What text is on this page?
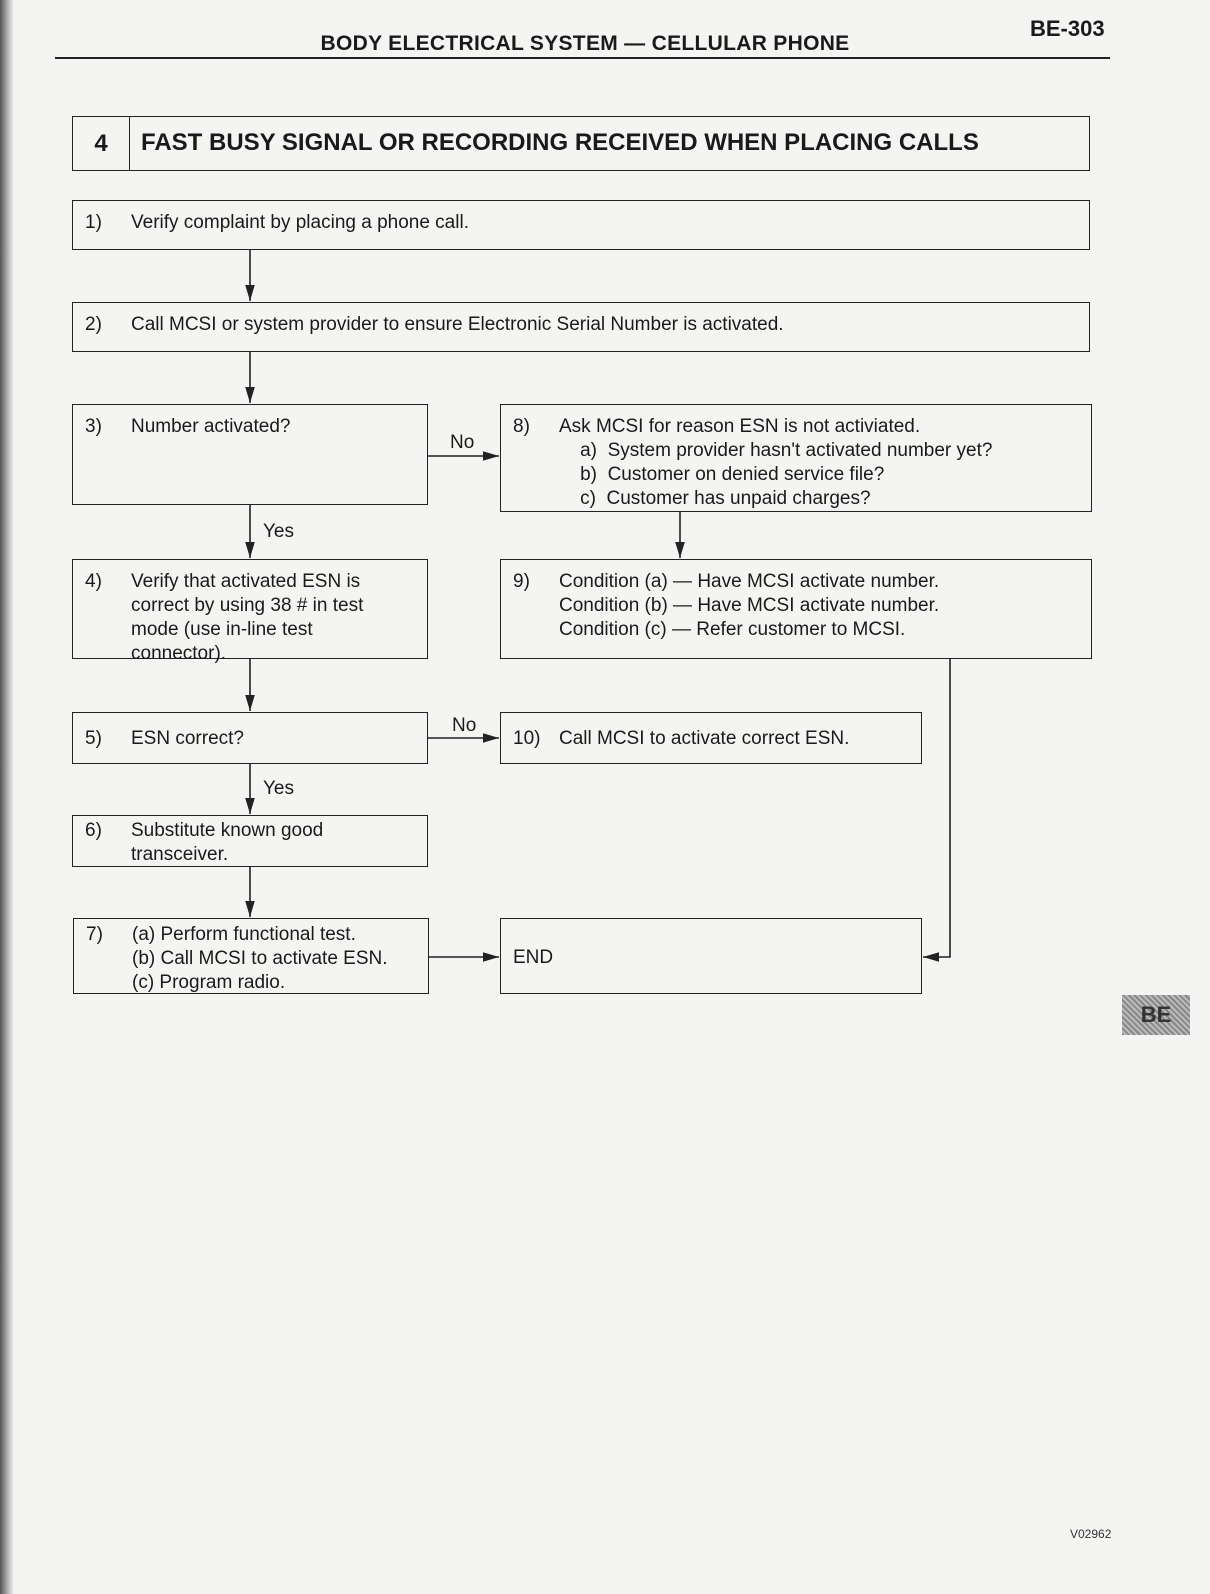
BODY ELECTRICAL SYSTEM — CELLULAR PHONE
BE-303
4	FAST BUSY SIGNAL OR RECORDING RECEIVED WHEN PLACING CALLS
1) Verify complaint by placing a phone call.
2) Call MCSI or system provider to ensure Electronic Serial Number is activated.
3) Number activated?	8) Ask MCSI for reason ESN is not activiated.
a)  System provider hasn't activated number yet?
b)  Customer on denied service file?
c)  Customer has unpaid charges?
4) Verify that activated ESN is
correct by using 38 # in test
mode (use in-line test
connector).
9) Condition (a) — Have MCSI activate number.
Condition (b) — Have MCSI activate number.
Condition (c) — Refer customer to MCSI.
5) ESN correct?	10) Call MCSI to activate correct ESN.
6) Substitute known good
transceiver.
7) (a) Perform functional test.
(b) Call MCSI to activate ESN.
(c) Program radio.
END
No
Yes
No
Yes
BE
V02962
